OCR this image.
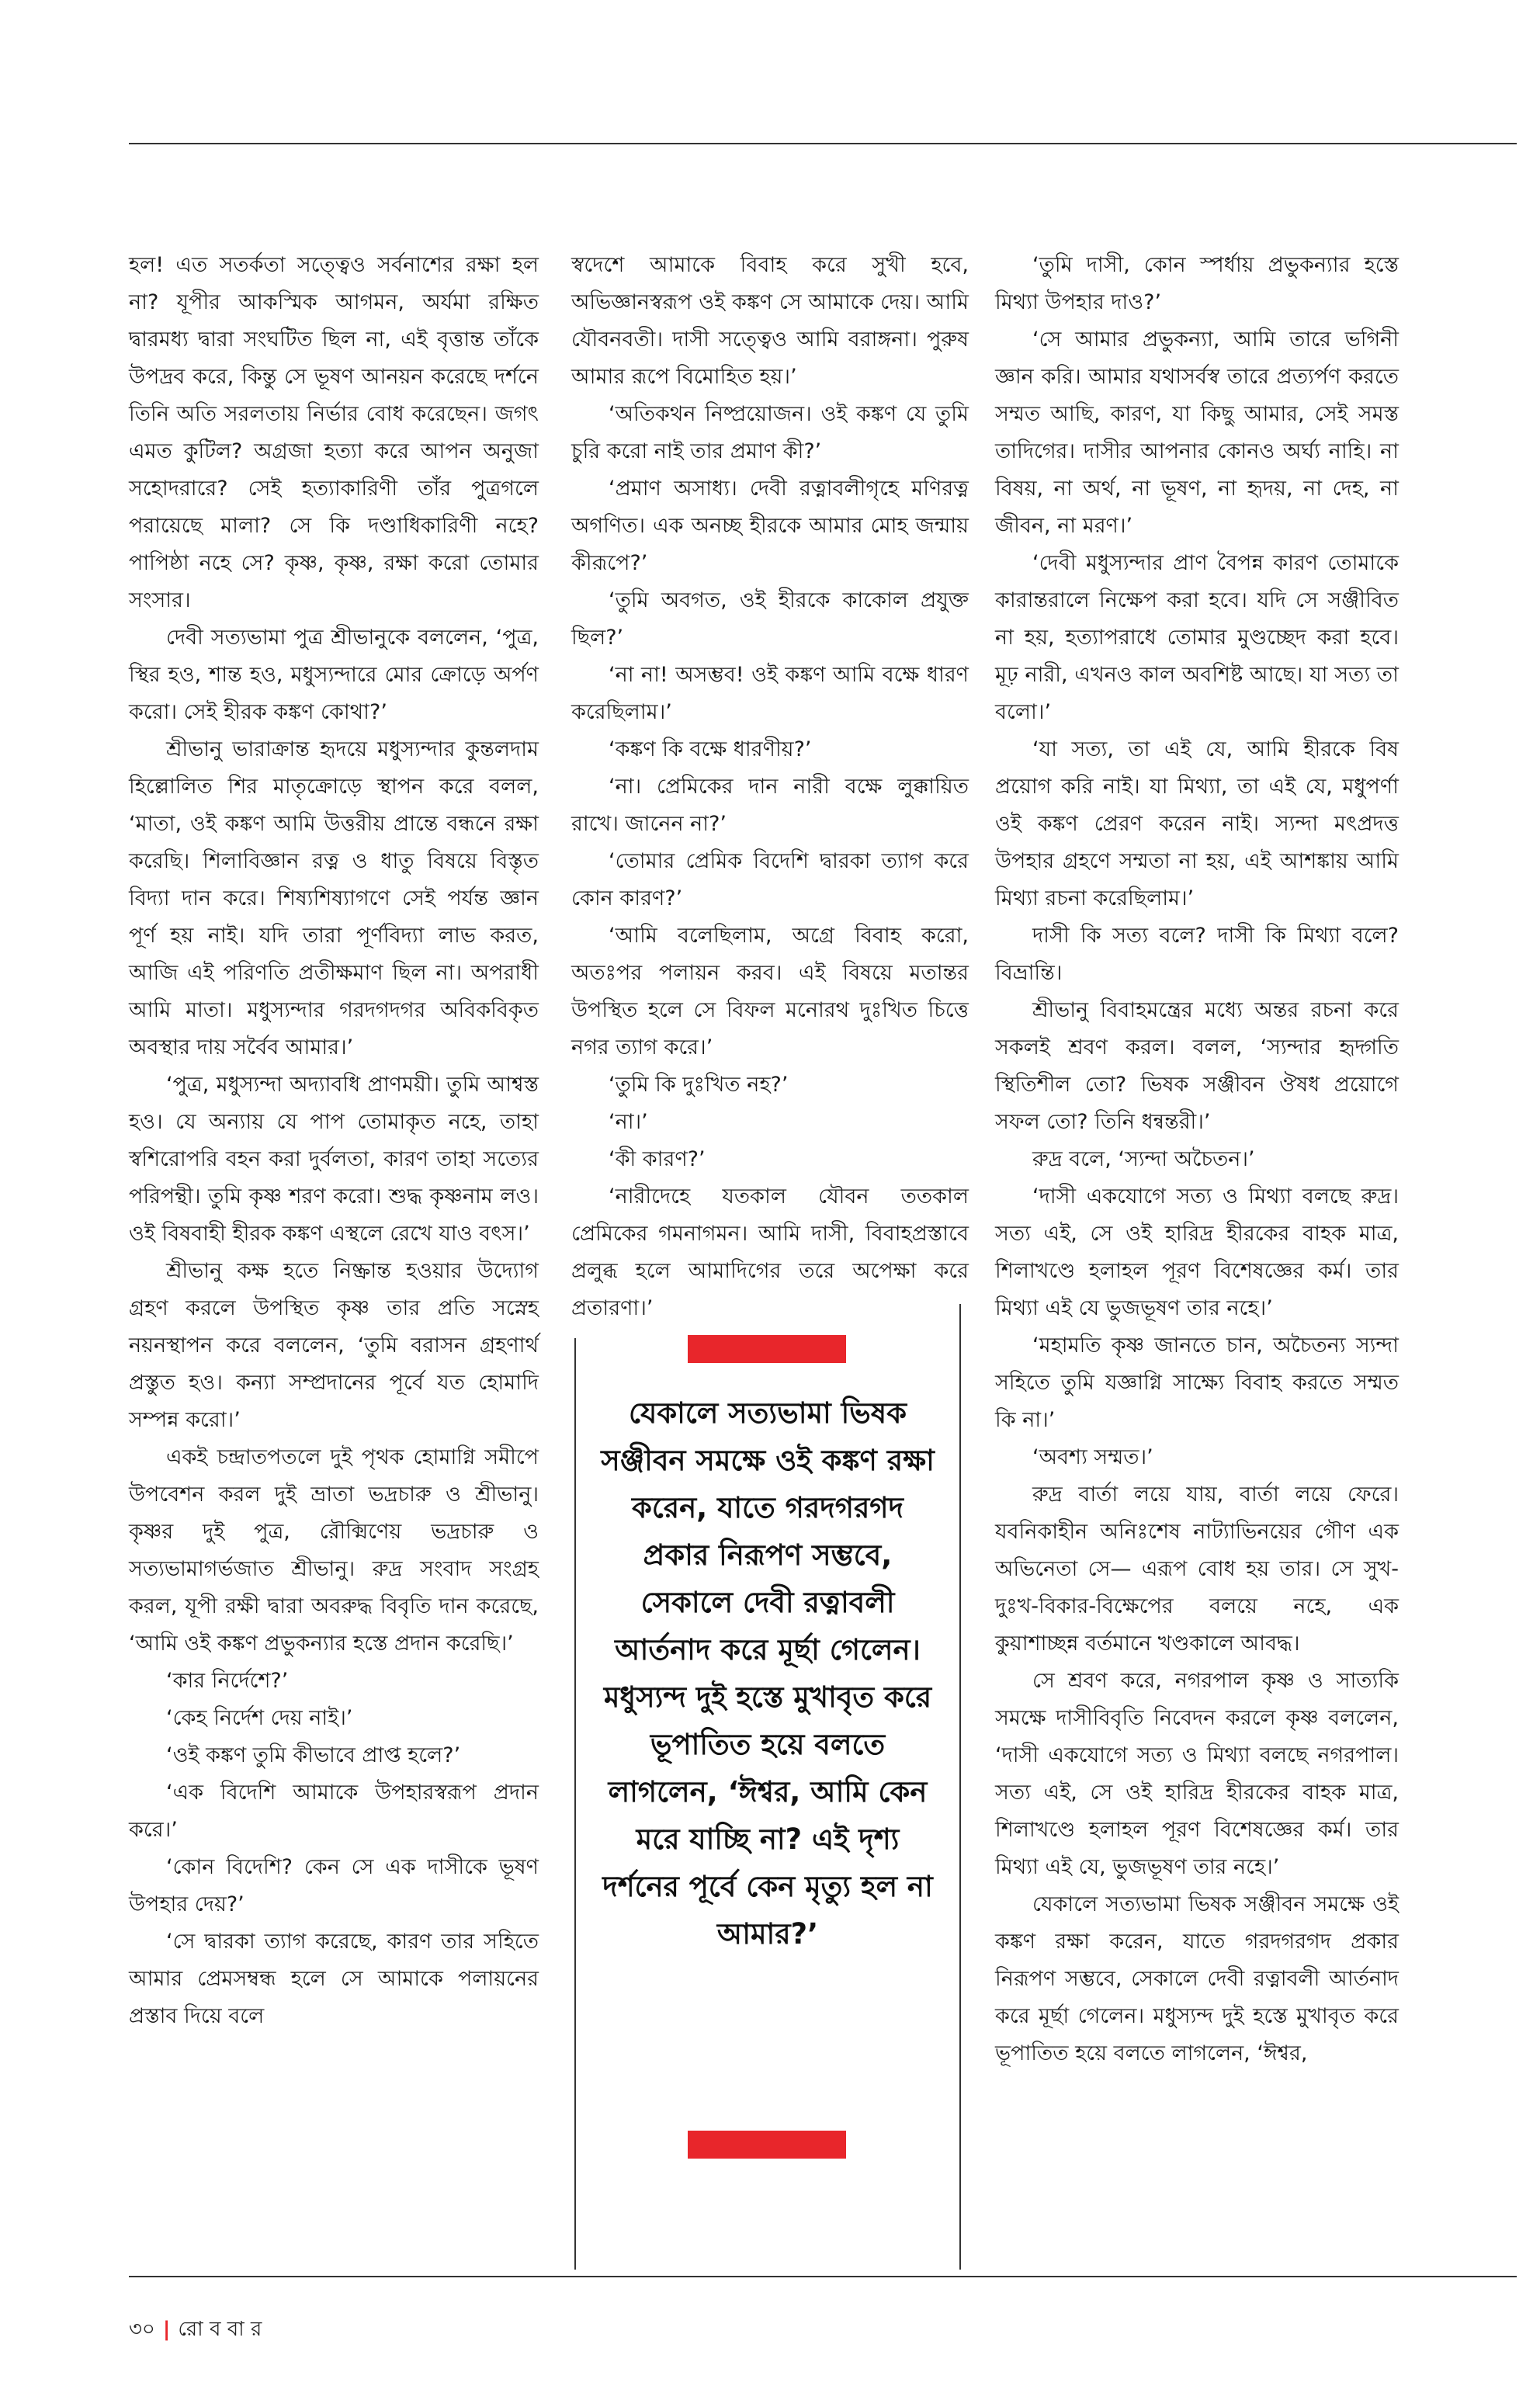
হল! এত সতর্কতা সত্ত্বেও সর্বনাশের রক্ষা হল না? যূপীর আকস্মিক আগমন, অর্যমা রক্ষিত দ্বারমধ্য দ্বারা সংঘটিত ছিল না, এই বৃত্তান্ত তাঁকে উপদ্রব করে, কিন্তু সে ভূষণ আনয়ন করেছে দর্শনে তিনি অতি সরলতায় নির্ভার বোধ করেছেন। জগৎ এমত কুটিল? অগ্রজা হত্যা করে আপন অনুজা সহোদরারে? সেই হত্যাকারিণী তাঁর পুত্রগলে পরায়েছে মালা? সে কি দণ্ডাধিকারিণী নহে? পাপিষ্ঠা নহে সে? কৃষ্ণ, কৃষ্ণ, রক্ষা করো তোমার সংসার।

দেবী সত্যভামা পুত্র শ্রীভানুকে বললেন, ‘পুত্র, স্থির হও, শান্ত হও, মধুস্যন্দারে মোর ক্রোড়ে অর্পণ করো। সেই হীরক কঙ্কণ কোথা?’

শ্রীভানু ভারাক্রান্ত হৃদয়ে মধুস্যন্দার কুন্তলদাম হিল্লোলিত শির মাতৃক্রোড়ে স্থাপন করে বলল, ‘মাতা, ওই কঙ্কণ আমি উত্তরীয় প্রান্তে বন্ধনে রক্ষা করেছি। শিলাবিজ্ঞান রত্ন ও ধাতু বিষয়ে বিস্তৃত বিদ্যা দান করে। শিষ্যশিষ্যাগণে সেই পর্যন্ত জ্ঞান পূর্ণ হয় নাই। যদি তারা পূর্ণবিদ্যা লাভ করত, আজি এই পরিণতি প্রতীক্ষমাণ ছিল না। অপরাধী আমি মাতা। মধুস্যন্দার গরদগদগর অবিকবিকৃত অবস্থার দায় সর্বৈব আমার।’

‘পুত্র, মধুস্যন্দা অদ্যাবধি প্রাণময়ী। তুমি আশ্বস্ত হও। যে অন্যায় যে পাপ তোমাকৃত নহে, তাহা স্বশিরোপরি বহন করা দুর্বলতা, কারণ তাহা সত্যের পরিপন্থী। তুমি কৃষ্ণ শরণ করো। শুদ্ধ কৃষ্ণনাম লও। ওই বিষবাহী হীরক কঙ্কণ এস্থলে রেখে যাও বৎস।’

শ্রীভানু কক্ষ হতে নিষ্ক্রান্ত হওয়ার উদ্যোগ গ্রহণ করলে উপস্থিত কৃষ্ণ তার প্রতি সস্নেহ নয়নস্থাপন করে বললেন, ‘তুমি বরাসন গ্রহণার্থ প্রস্তুত হও। কন্যা সম্প্রদানের পূর্বে যত হোমাদি সম্পন্ন করো।’

একই চন্দ্রাতপতলে দুই পৃথক হোমাগ্নি সমীপে উপবেশন করল দুই ভ্রাতা ভদ্রচারু ও শ্রীভানু। কৃষ্ণর দুই পুত্র, রৌক্মিণেয় ভদ্রচারু ও সত্যভামাগর্ভজাত শ্রীভানু। রুদ্র সংবাদ সংগ্রহ করল, যূপী রক্ষী দ্বারা অবরুদ্ধ বিবৃতি দান করেছে, ‘আমি ওই কঙ্কণ প্রভুকন্যার হস্তে প্রদান করেছি।’

‘কার নির্দেশে?’

‘কেহ নির্দেশ দেয় নাই।’

‘ওই কঙ্কণ তুমি কীভাবে প্রাপ্ত হলে?’

‘এক বিদেশি আমাকে উপহারস্বরূপ প্রদান করে।’

‘কোন বিদেশি? কেন সে এক দাসীকে ভূষণ উপহার দেয়?’

‘সে দ্বারকা ত্যাগ করেছে, কারণ তার সহিতে আমার প্রেমসম্বন্ধ হলে সে আমাকে পলায়নের প্রস্তাব দিয়ে বলে

স্বদেশে আমাকে বিবাহ করে সুখী হবে, অভিজ্ঞানস্বরূপ ওই কঙ্কণ সে আমাকে দেয়। আমি যৌবনবতী। দাসী সত্ত্বেও আমি বরাঙ্গনা। পুরুষ আমার রূপে বিমোহিত হয়।’

‘অতিকথন নিষ্প্রয়োজন। ওই কঙ্কণ যে তুমি চুরি করো নাই তার প্রমাণ কী?’

‘প্রমাণ অসাধ্য। দেবী রত্নাবলীগৃহে মণিরত্ন অগণিত। এক অনচ্ছ হীরকে আমার মোহ জন্মায় কীরূপে?’

‘তুমি অবগত, ওই হীরকে কাকোল প্রযুক্ত ছিল?’

‘না না! অসম্ভব! ওই কঙ্কণ আমি বক্ষে ধারণ করেছিলাম।’

‘কঙ্কণ কি বক্ষে ধারণীয়?’

‘না। প্রেমিকের দান নারী বক্ষে লুক্কায়িত রাখে। জানেন না?’

‘তোমার প্রেমিক বিদেশি দ্বারকা ত্যাগ করে কোন কারণ?’

‘আমি বলেছিলাম, অগ্রে বিবাহ করো, অতঃপর পলায়ন করব। এই বিষয়ে মতান্তর উপস্থিত হলে সে বিফল মনোরথ দুঃখিত চিত্তে নগর ত্যাগ করে।’

‘তুমি কি দুঃখিত নহ?’

‘না।’

‘কী কারণ?’

‘নারীদেহে যতকাল যৌবন ততকাল প্রেমিকের গমনাগমন। আমি দাসী, বিবাহপ্রস্তাবে প্রলুব্ধ হলে আমাদিগের তরে অপেক্ষা করে প্রতারণা।’

যেকালে সত্যভামা ভিষক সঞ্জীবন সমক্ষে ওই কঙ্কণ রক্ষা করেন, যাতে গরদগরগদ প্রকার নিরূপণ সম্ভবে, সেকালে দেবী রত্নাবলী আর্তনাদ করে মূর্ছা গেলেন। মধুস্যন্দ দুই হস্তে মুখাবৃত করে ভূপাতিত হয়ে বলতে লাগলেন, ‘ঈশ্বর, আমি কেন মরে যাচ্ছি না? এই দৃশ্য দর্শনের পূর্বে কেন মৃত্যু হল না আমার?’

‘তুমি দাসী, কোন স্পর্ধায় প্রভুকন্যার হস্তে মিথ্যা উপহার দাও?’

‘সে আমার প্রভুকন্যা, আমি তারে ভগিনী জ্ঞান করি। আমার যথাসর্বস্ব তারে প্রত্যর্পণ করতে সম্মত আছি, কারণ, যা কিছু আমার, সেই সমস্ত তাদিগের। দাসীর আপনার কোনও অর্ঘ্য নাহি। না বিষয়, না অর্থ, না ভূষণ, না হৃদয়, না দেহ, না জীবন, না মরণ।’

‘দেবী মধুস্যন্দার প্রাণ বৈপন্ন কারণ তোমাকে কারান্তরালে নিক্ষেপ করা হবে। যদি সে সঞ্জীবিত না হয়, হত্যাপরাধে তোমার মুণ্ডচ্ছেদ করা হবে। মূঢ় নারী, এখনও কাল অবশিষ্ট আছে। যা সত্য তা বলো।’

‘যা সত্য, তা এই যে, আমি হীরকে বিষ প্রয়োগ করি নাই। যা মিথ্যা, তা এই যে, মধুপর্ণা ওই কঙ্কণ প্রেরণ করেন নাই। স্যন্দা মৎপ্রদত্ত উপহার গ্রহণে সম্মতা না হয়, এই আশঙ্কায় আমি মিথ্যা রচনা করেছিলাম।’

দাসী কি সত্য বলে? দাসী কি মিথ্যা বলে? বিভ্রান্তি।

শ্রীভানু বিবাহমন্ত্রের মধ্যে অন্তর রচনা করে সকলই শ্রবণ করল। বলল, ‘স্যন্দার হৃদ্গতি স্থিতিশীল তো? ভিষক সঞ্জীবন ঔষধ প্রয়োগে সফল তো? তিনি ধন্বন্তরী।’

রুদ্র বলে, ‘স্যন্দা অচৈতন।’

‘দাসী একযোগে সত্য ও মিথ্যা বলছে রুদ্র। সত্য এই, সে ওই হারিদ্র হীরকের বাহক মাত্র, শিলাখণ্ডে হলাহল পূরণ বিশেষজ্ঞের কর্ম। তার মিথ্যা এই যে ভুজভূষণ তার নহে।’

‘মহামতি কৃষ্ণ জানতে চান, অচৈতন্য স্যন্দা সহিতে তুমি যজ্ঞাগ্নি সাক্ষ্যে বিবাহ করতে সম্মত কি না।’

‘অবশ্য সম্মত।’

রুদ্র বার্তা লয়ে যায়, বার্তা লয়ে ফেরে। যবনিকাহীন অনিঃশেষ নাট্যাভিনয়ের গৌণ এক অভিনেতা সে— এরূপ বোধ হয় তার। সে সুখ-দুঃখ-বিকার-বিক্ষেপের বলয়ে নহে, এক কুয়াশাচ্ছন্ন বর্তমানে খণ্ডকালে আবদ্ধ।

সে শ্রবণ করে, নগরপাল কৃষ্ণ ও সাত্যকি সমক্ষে দাসীবিবৃতি নিবেদন করলে কৃষ্ণ বললেন, ‘দাসী একযোগে সত্য ও মিথ্যা বলছে নগরপাল। সত্য এই, সে ওই হারিদ্র হীরকের বাহক মাত্র, শিলাখণ্ডে হলাহল পূরণ বিশেষজ্ঞের কর্ম। তার মিথ্যা এই যে, ভুজভূষণ তার নহে।’

যেকালে সত্যভামা ভিষক সঞ্জীবন সমক্ষে ওই কঙ্কণ রক্ষা করেন, যাতে গরদগরগদ প্রকার নিরূপণ সম্ভবে, সেকালে দেবী রত্নাবলী আর্তনাদ করে মূর্ছা গেলেন। মধুস্যন্দ দুই হস্তে মুখাবৃত করে ভূপাতিত হয়ে বলতে লাগলেন, ‘ঈশ্বর,

৩০ | রো ব বা র
